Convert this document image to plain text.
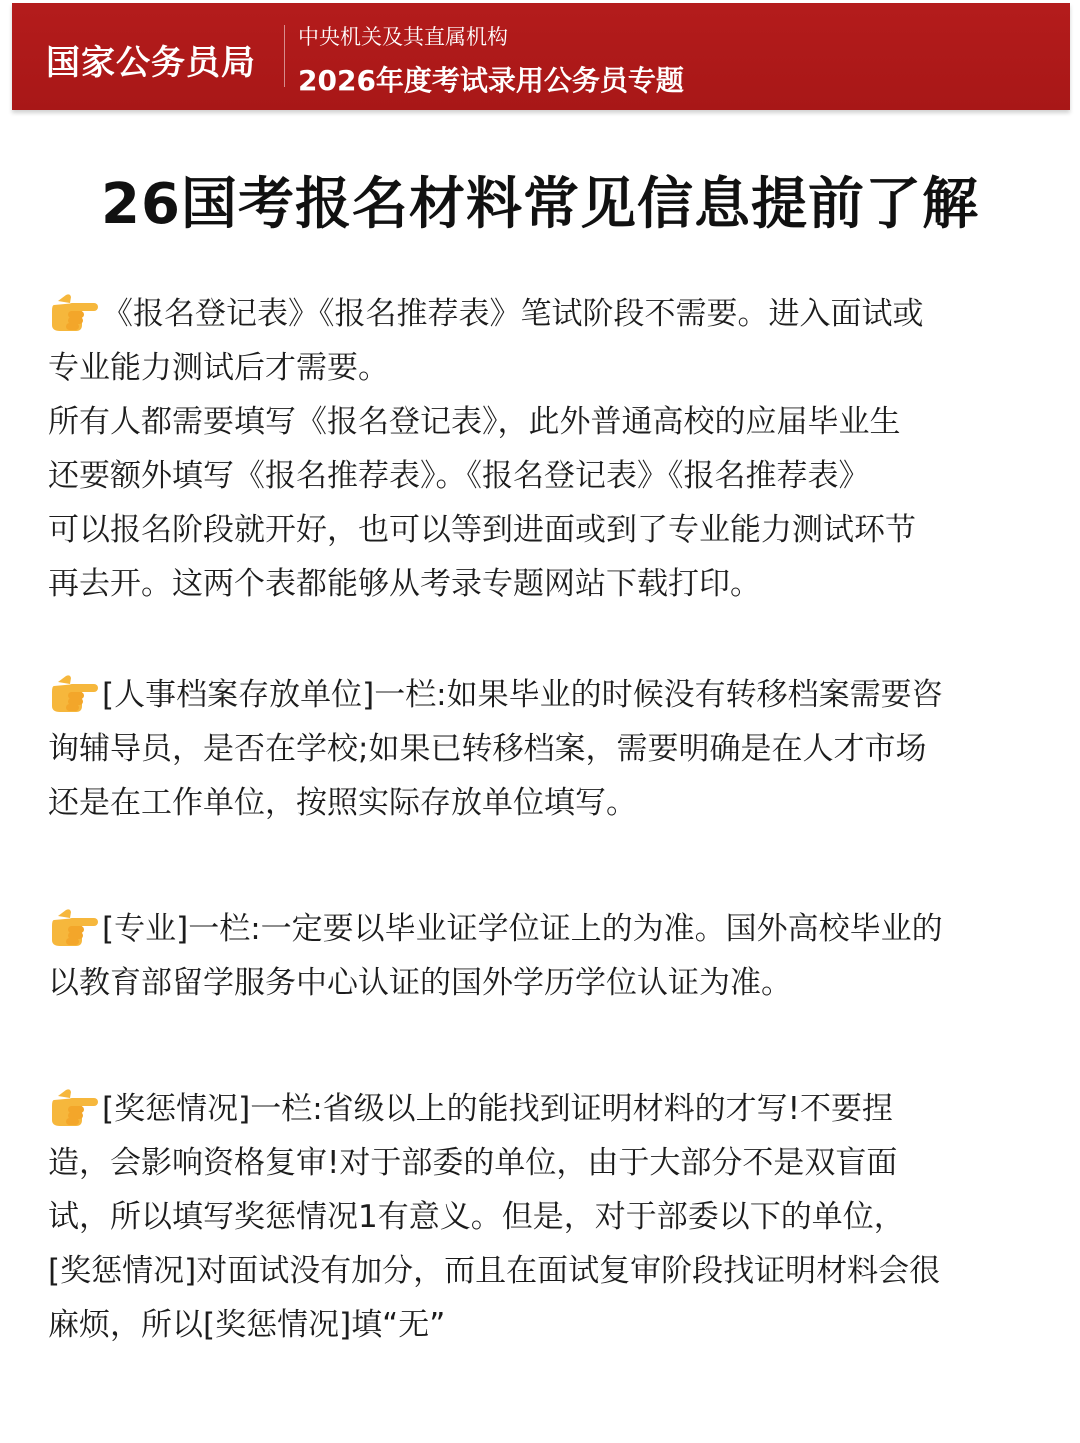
国家公务员局
中央机关及其直属机构
2026年度考试录用公务员专题
26国考报名材料常见信息提前了解
《报名登记表》《报名推荐表》笔试阶段不需要。进入面试或
专业能力测试后才需要。
所有人都需要填写《报名登记表》，此外普通高校的应届毕业生
还要额外填写《报名推荐表》。《报名登记表》《报名推荐表》
可以报名阶段就开好，也可以等到进面或到了专业能力测试环节
再去开。这两个表都能够从考录专题网站下载打印。
[人事档案存放单位]一栏:如果毕业的时候没有转移档案需要咨
询辅导员，是否在学校;如果已转移档案，需要明确是在人才市场
还是在工作单位，按照实际存放单位填写。
[专业]一栏:一定要以毕业证学位证上的为准。国外高校毕业的
以教育部留学服务中心认证的国外学历学位认证为准。
[奖惩情况]一栏:省级以上的能找到证明材料的才写!不要捏
造，会影响资格复审!对于部委的单位，由于大部分不是双盲面
试，所以填写奖惩情况1有意义。但是，对于部委以下的单位，
[奖惩情况]对面试没有加分，而且在面试复审阶段找证明材料会很
麻烦，所以[奖惩情况]填“无”
